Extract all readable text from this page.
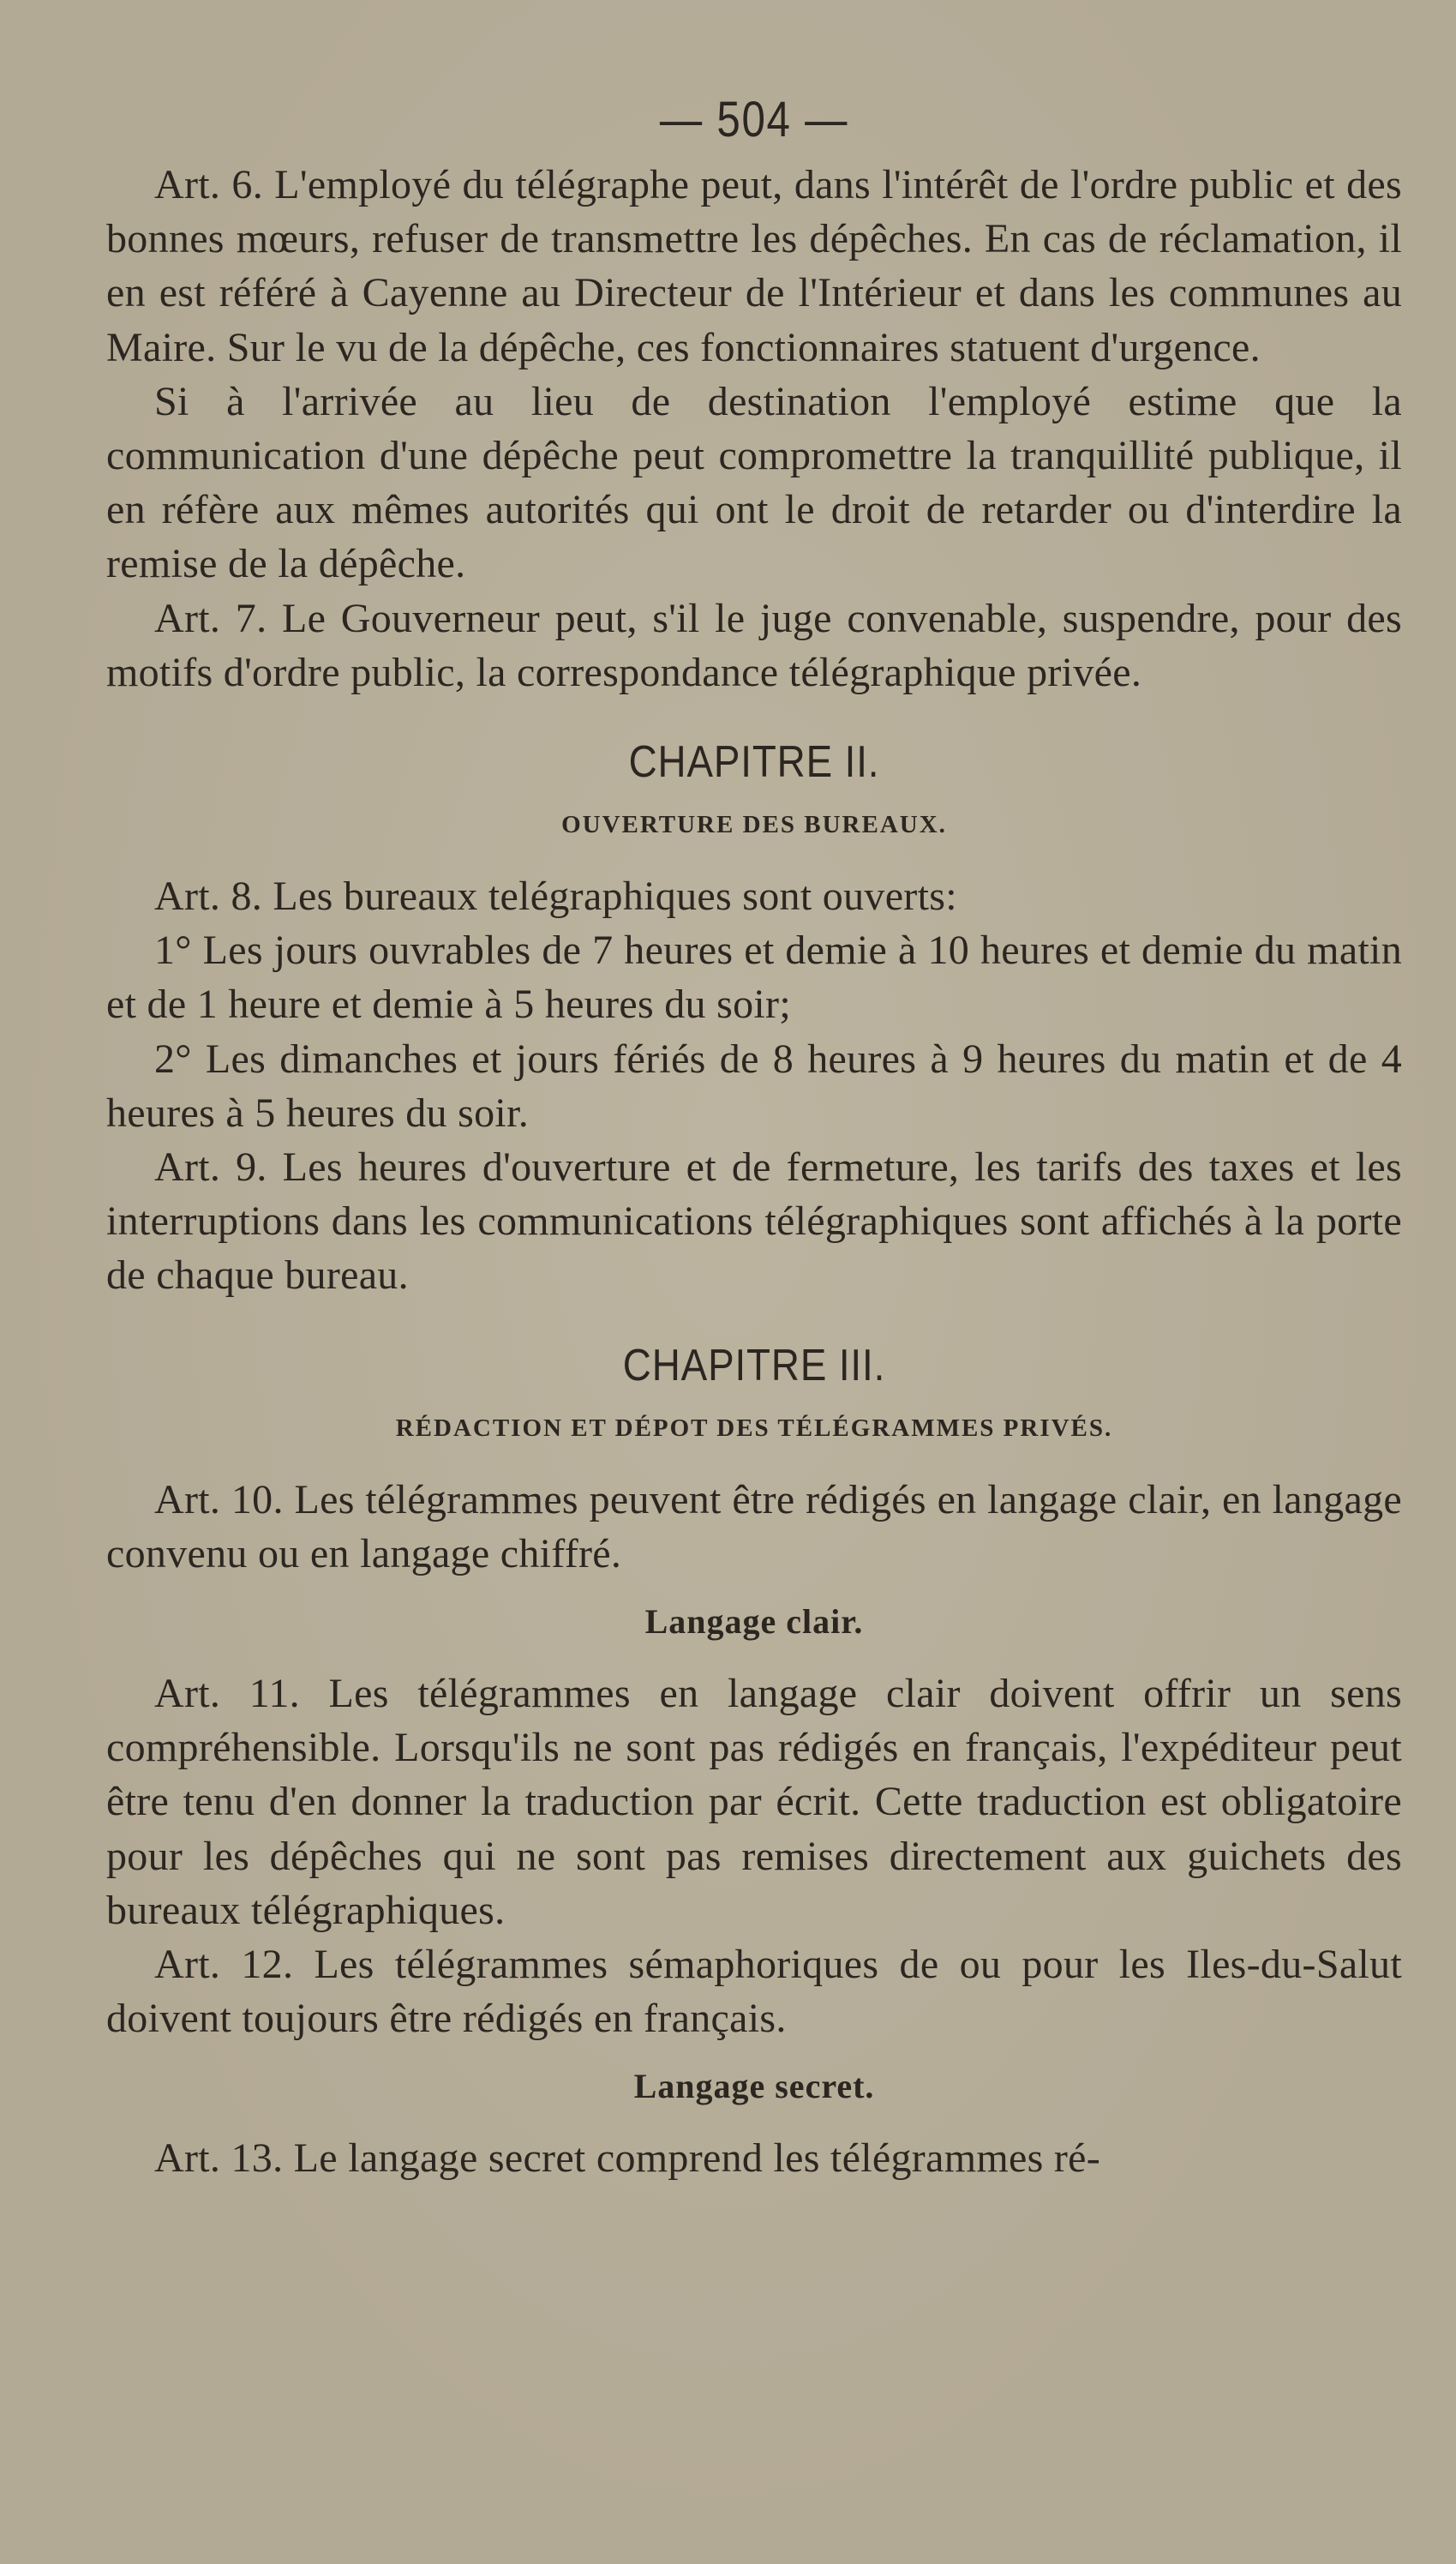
— 504 —

Art. 6. L'employé du télégraphe peut, dans l'intérêt de l'ordre public et des bonnes mœurs, refuser de transmettre les dépêches. En cas de réclamation, il en est référé à Cayenne au Directeur de l'Intérieur et dans les communes au Maire. Sur le vu de la dépêche, ces fonctionnaires statuent d'urgence.

Si à l'arrivée au lieu de destination l'employé estime que la communication d'une dépêche peut compromettre la tranquillité publique, il en réfère aux mêmes autorités qui ont le droit de retarder ou d'interdire la remise de la dépêche.

Art. 7. Le Gouverneur peut, s'il le juge convenable, suspendre, pour des motifs d'ordre public, la correspondance télégraphique privée.

CHAPITRE II.
OUVERTURE DES BUREAUX.

Art. 8. Les bureaux telégraphiques sont ouverts:

1° Les jours ouvrables de 7 heures et demie à 10 heures et demie du matin et de 1 heure et demie à 5 heures du soir;

2° Les dimanches et jours fériés de 8 heures à 9 heures du matin et de 4 heures à 5 heures du soir.

Art. 9. Les heures d'ouverture et de fermeture, les tarifs des taxes et les interruptions dans les communications télégraphiques sont affichés à la porte de chaque bureau.

CHAPITRE III.
RÉDACTION ET DÉPOT DES TÉLÉGRAMMES PRIVÉS.

Art. 10. Les télégrammes peuvent être rédigés en langage clair, en langage convenu ou en langage chiffré.

Langage clair.

Art. 11. Les télégrammes en langage clair doivent offrir un sens compréhensible. Lorsqu'ils ne sont pas rédigés en français, l'expéditeur peut être tenu d'en donner la traduction par écrit. Cette traduction est obligatoire pour les dépêches qui ne sont pas remises directement aux guichets des bureaux télégraphiques.

Art. 12. Les télégrammes sémaphoriques de ou pour les Iles-du-Salut doivent toujours être rédigés en français.

Langage secret.

Art. 13. Le langage secret comprend les télégrammes ré-
